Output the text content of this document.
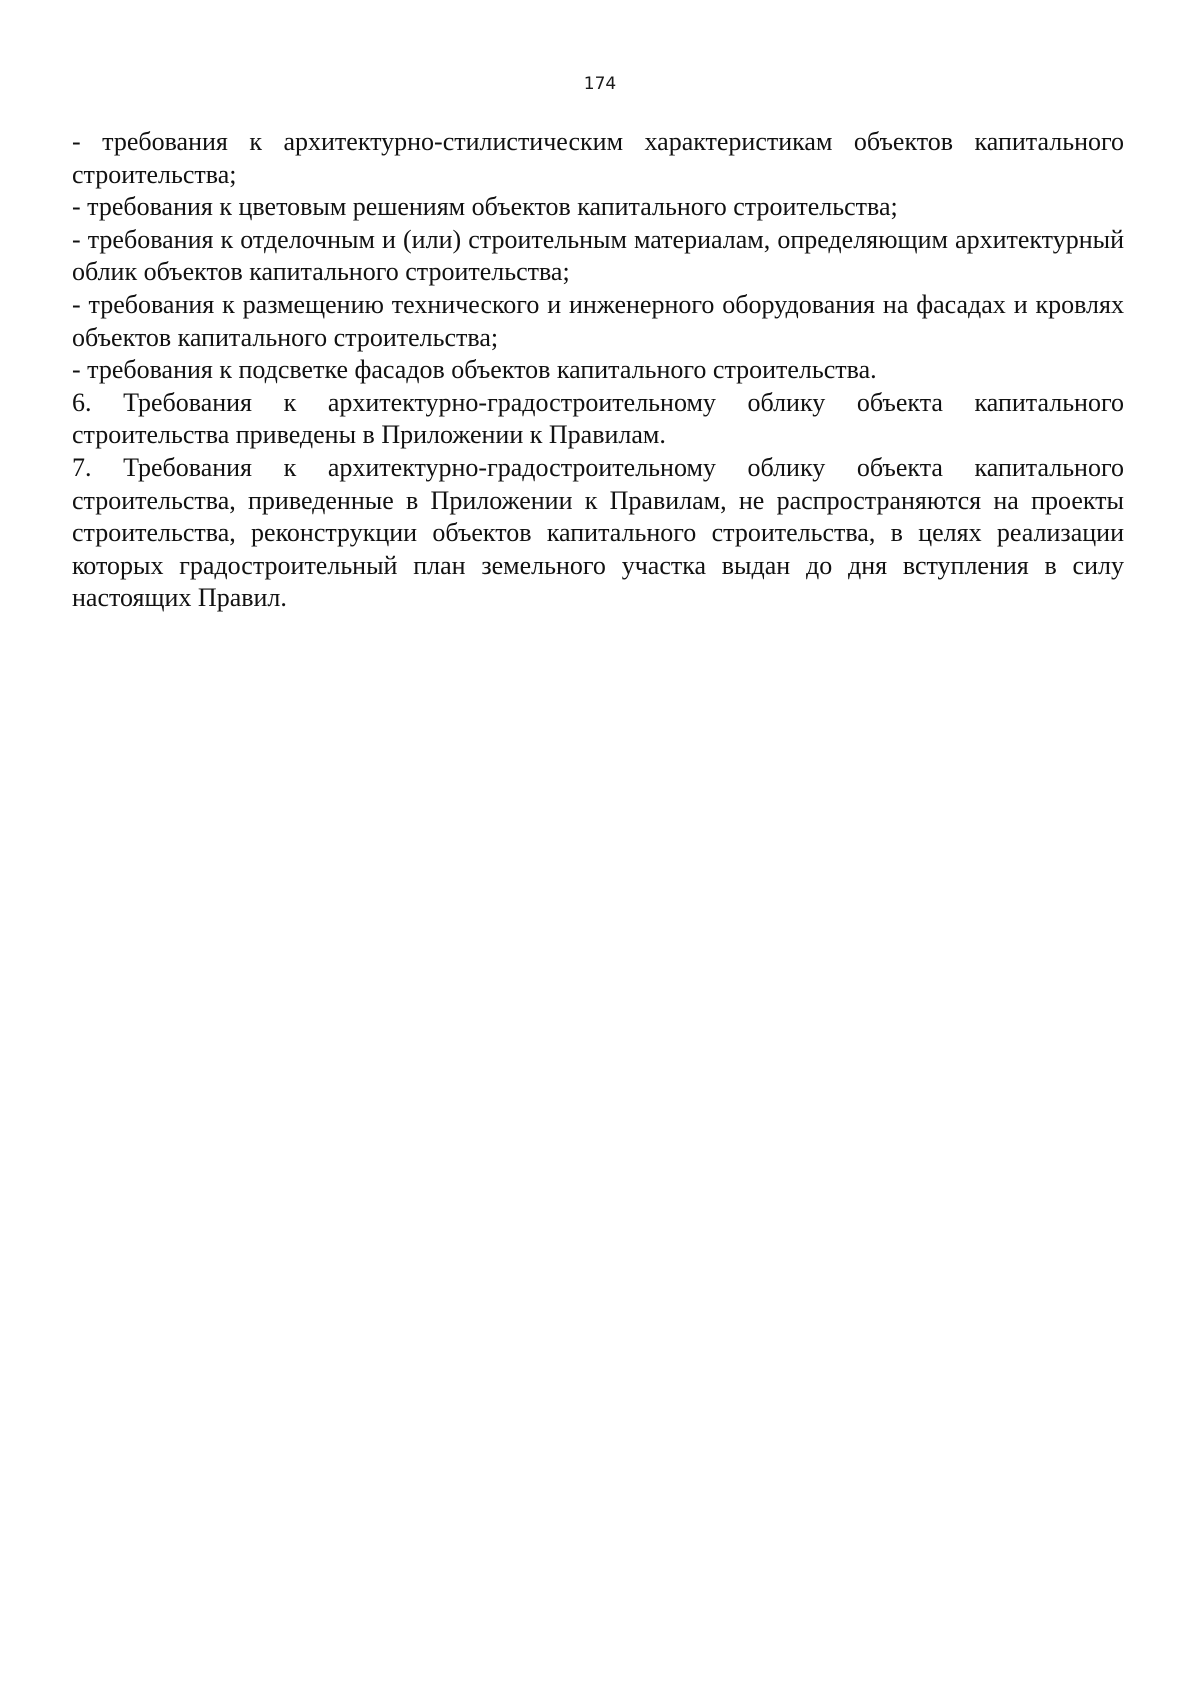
174

- требования к архитектурно-стилистическим характеристикам объектов капитального строительства;

- требования к цветовым решениям объектов капитального строительства;

- требования к отделочным и (или) строительным материалам, определяющим архитектурный облик объектов капитального строительства;

- требования к размещению технического и инженерного оборудования на фасадах и кровлях объектов капитального строительства;

- требования к подсветке фасадов объектов капитального строительства.

6. Требования к архитектурно-градостроительному облику объекта капитального строительства приведены в Приложении к Правилам.

7. Требования к архитектурно-градостроительному облику объекта капитального строительства, приведенные в Приложении к Правилам, не распространяются на проекты строительства, реконструкции объектов капитального строительства, в целях реализации которых градостроительный план земельного участка выдан до дня вступления в силу настоящих Правил.
